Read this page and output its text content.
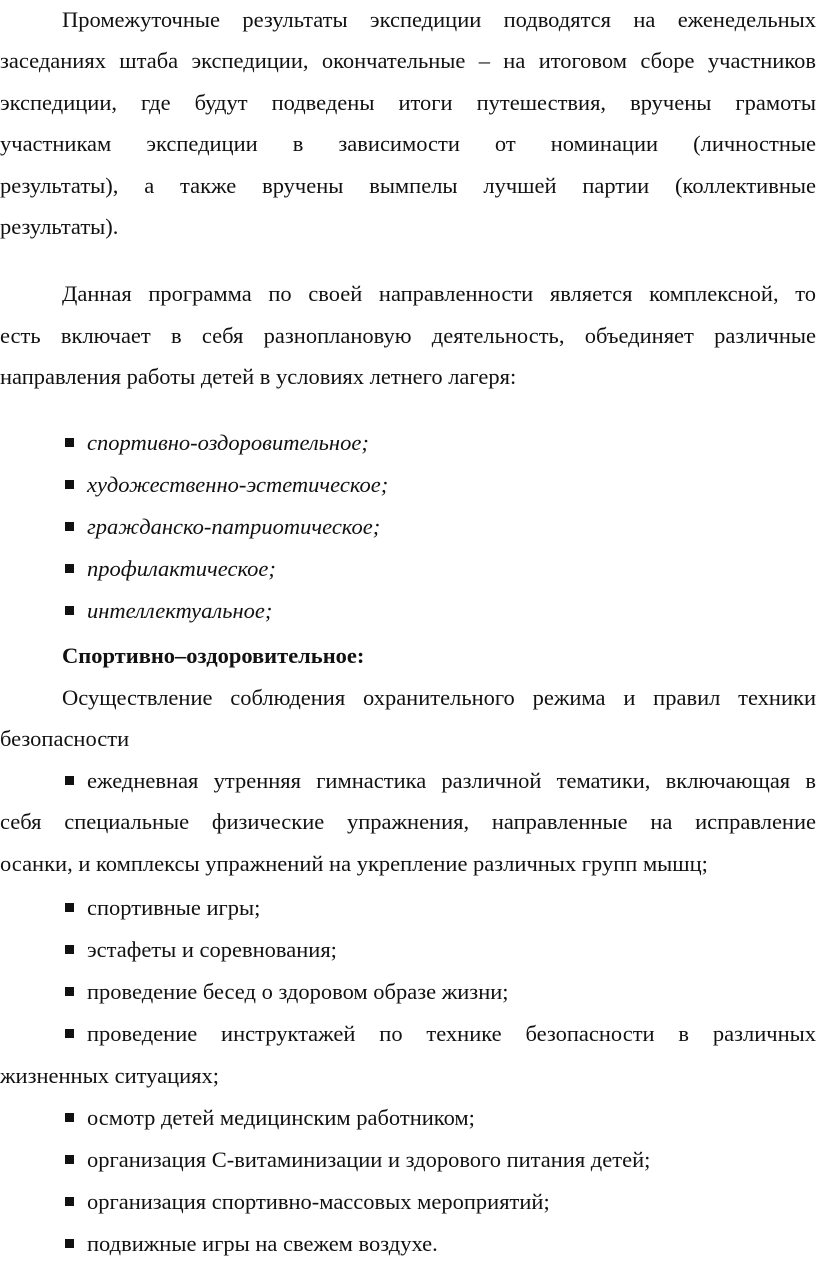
Промежуточные результаты экспедиции подводятся на еженедельных
заседаниях штаба экспедиции, окончательные – на итоговом сборе участников
экспедиции, где будут подведены итоги путешествия, вручены грамоты
участникам экспедиции в зависимости от номинации (личностные
результаты), а также вручены вымпелы лучшей партии (коллективные
результаты).
Данная программа по своей направленности является комплексной, то
есть включает в себя разноплановую деятельность, объединяет различные
направления работы детей в условиях летнего лагеря:
спортивно-оздоровительное;
художественно-эстетическое;
гражданско-патриотическое;
профилактическое;
интеллектуальное;
Спортивно–оздоровительное:
Осуществление соблюдения охранительного режима и правил техники
безопасности
ежедневная утренняя гимнастика различной тематики, включающая в
себя специальные физические упражнения, направленные на исправление
осанки, и комплексы упражнений на укрепление различных групп мышц;
спортивные игры;
эстафеты и соревнования;
проведение бесед о здоровом образе жизни;
проведение инструктажей по технике безопасности в различных
жизненных ситуациях;
осмотр детей медицинским работником;
организация С-витаминизации и здорового питания детей;
организация спортивно-массовых мероприятий;
подвижные игры на свежем воздухе.
